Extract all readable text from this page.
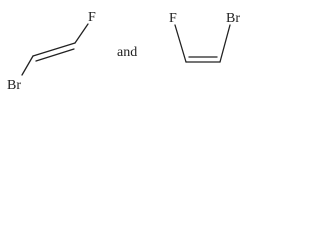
F
Br
and
F	Br
